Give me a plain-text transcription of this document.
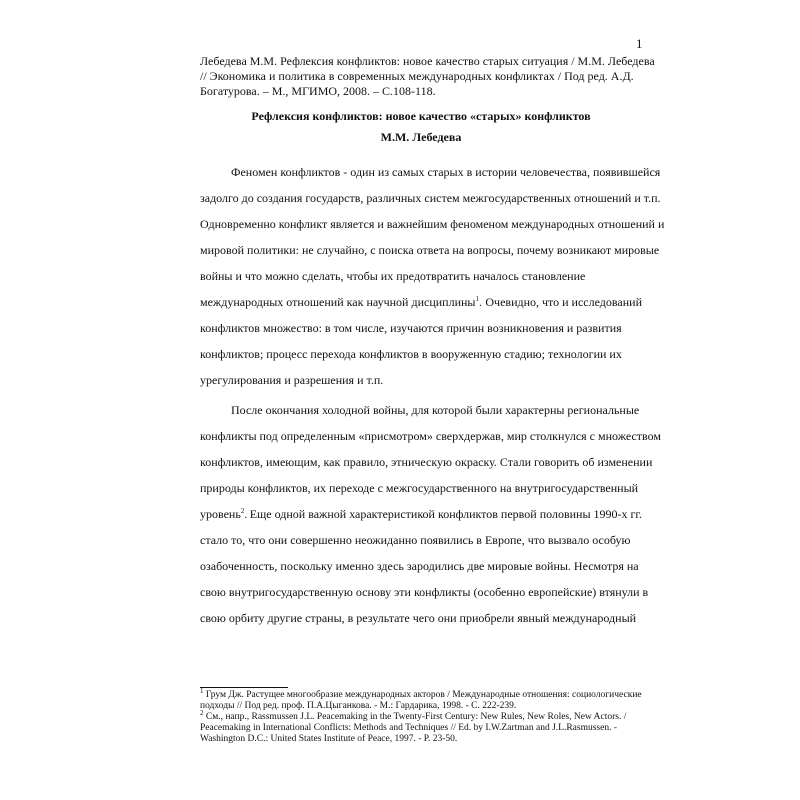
1
Лебедева М.М. Рефлексия конфликтов: новое качество старых ситуация / М.М. Лебедева
// Экономика и политика в современных международных конфликтах / Под ред. А.Д.
Богатурова. – М., МГИМО, 2008. – С.108-118.
Рефлексия конфликтов: новое качество «старых» конфликтов
М.М. Лебедева
Феномен конфликтов - один из самых старых в истории человечества, появившейся
задолго до создания государств, различных систем межгосударственных отношений и т.п.
Одновременно конфликт является и важнейшим феноменом международных отношений и
мировой политики: не случайно, с поиска ответа на вопросы, почему возникают мировые
войны и что можно сделать, чтобы их предотвратить началось становление
международных отношений как научной дисциплины$^1$. Очевидно, что и исследований
конфликтов множество: в том числе, изучаются причин возникновения и развития
конфликтов; процесс перехода конфликтов в вооруженную стадию; технологии их
урегулирования и разрешения и т.п.
После окончания холодной войны, для которой были характерны региональные
конфликты под определенным «присмотром» сверхдержав, мир столкнулся с множеством
конфликтов, имеющим, как правило, этническую окраску. Стали говорить об изменении
природы конфликтов, их переходе с межгосударственного на внутригосударственный
уровень$^2$. Еще одной важной характеристикой конфликтов первой половины 1990-х гг.
стало то, что они совершенно неожиданно появились в Европе, что вызвало особую
озабоченность, поскольку именно здесь зародились две мировые войны. Несмотря на
свою внутригосударственную основу эти конфликты (особенно европейские) втянули в
свою орбиту другие страны, в результате чего они приобрели явный международный
$^1$ Грум Дж. Растущее многообразие международных акторов / Международные отношения: социологические
подходы // Под ред. проф. П.А.Цыганкова. - М.: Гардарика, 1998. - С. 222-239.
$^2$ См., напр., Rassmussen J.L. Peacemaking in the Twenty-First Century: New Rules, New Roles, New Actors. /
Peacemaking in International Conflicts: Methods and Techniques // Ed. by I.W.Zartman and J.L.Rasmussen. -
Washington D.C.: United States Institute of Peace, 1997. - P. 23-50.
